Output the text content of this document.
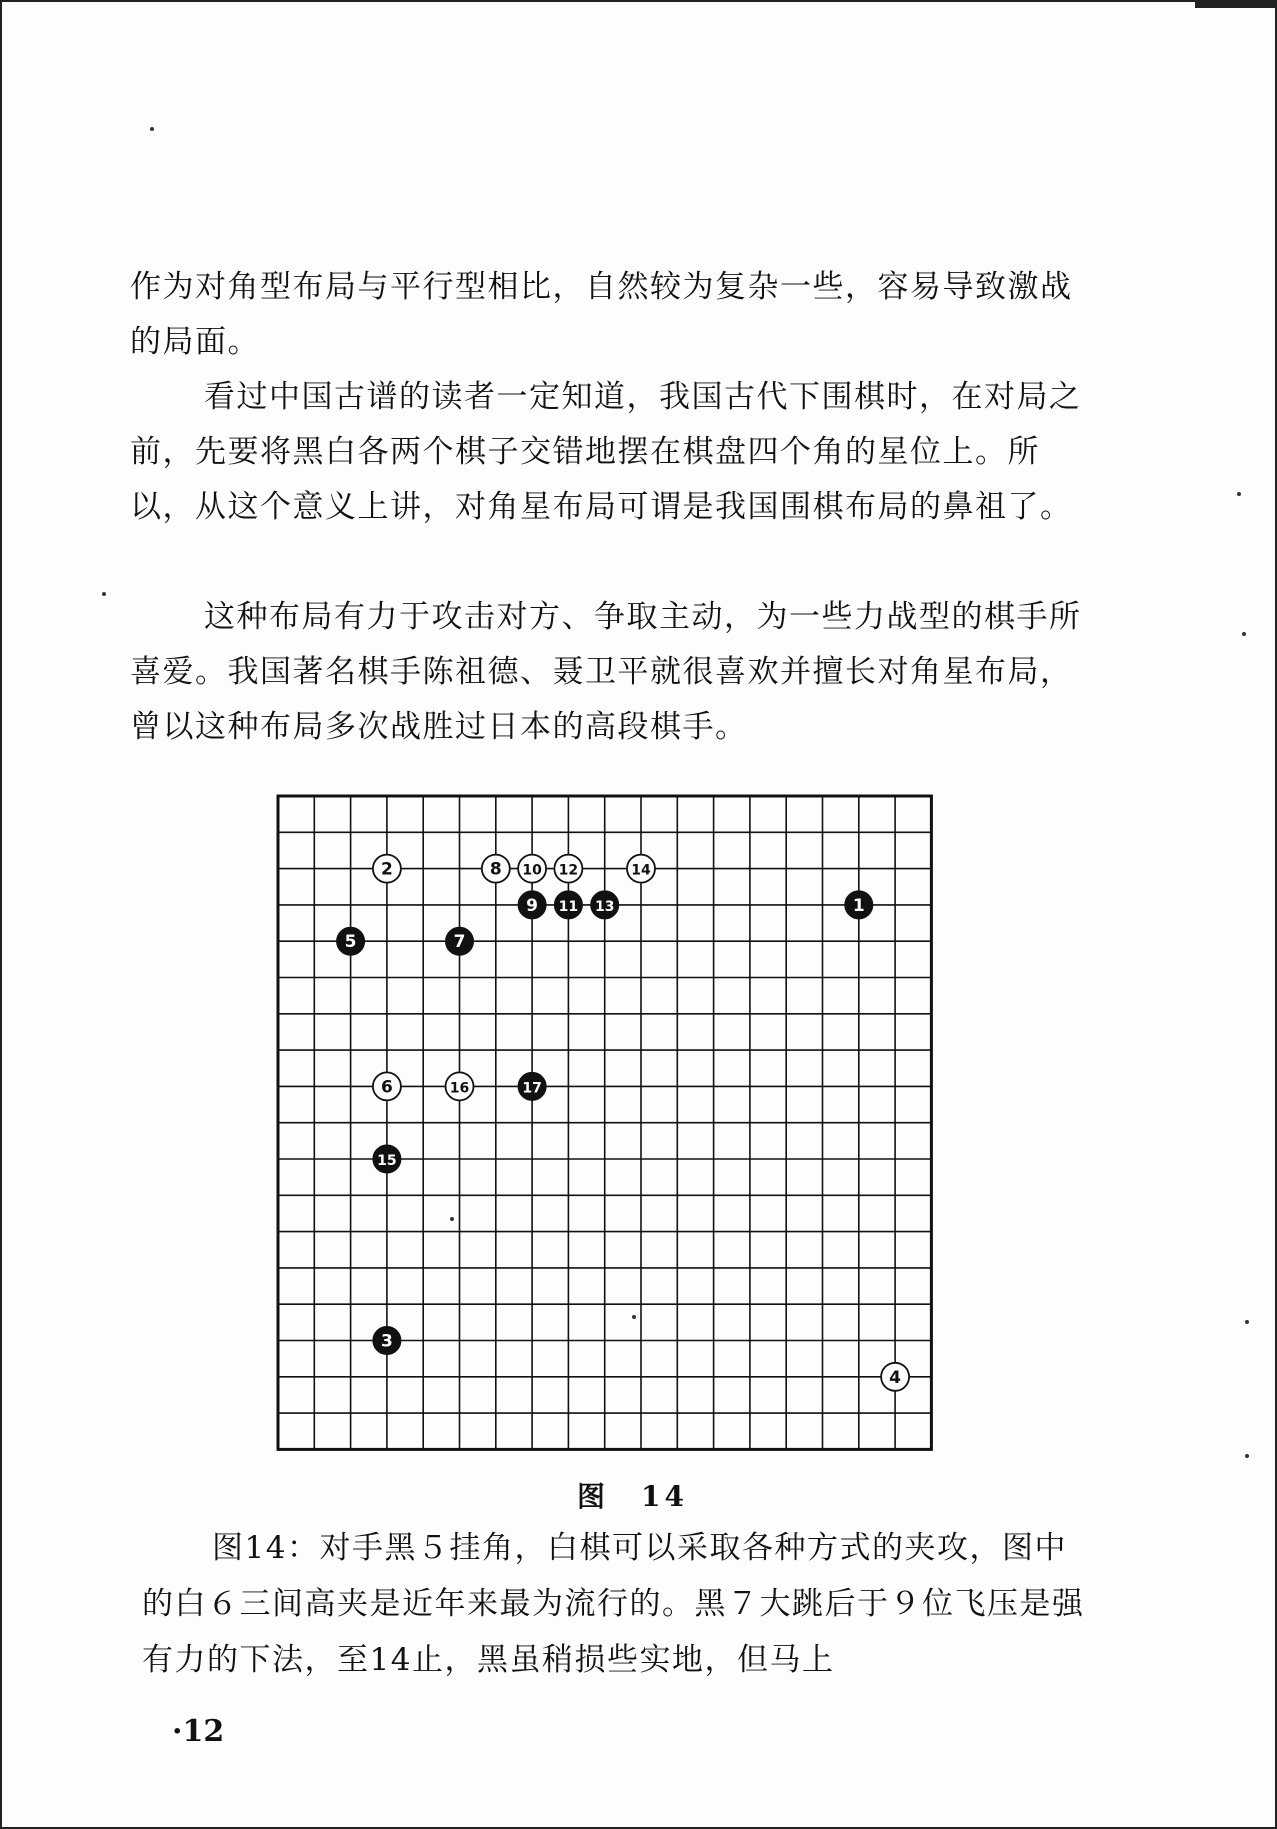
作为对角型布局与平行型相比，自然较为复杂一些，容易导致激战的局面。

看过中国古谱的读者一定知道，我国古代下围棋时，在对局之前，先要将黑白各两个棋子交错地摆在棋盘四个角的星位上。所以，从这个意义上讲，对角星布局可谓是我国围棋布局的鼻祖了。

这种布局有力于攻击对方、争取主动，为一些力战型的棋手所喜爱。我国著名棋手陈祖德、聂卫平就很喜欢并擅长对角星布局，曾以这种布局多次战胜过日本的高段棋手。

1
2
3
4
5
6
7
8
9
10
11
12
13
14
15
16	17
图　14

图14：对手黑５挂角，白棋可以采取各种方式的夹攻，图中的白６三间高夹是近年来最为流行的。黑７大跳后于９位飞压是强有力的下法，至14止，黑虽稍损些实地，但马上

·12
